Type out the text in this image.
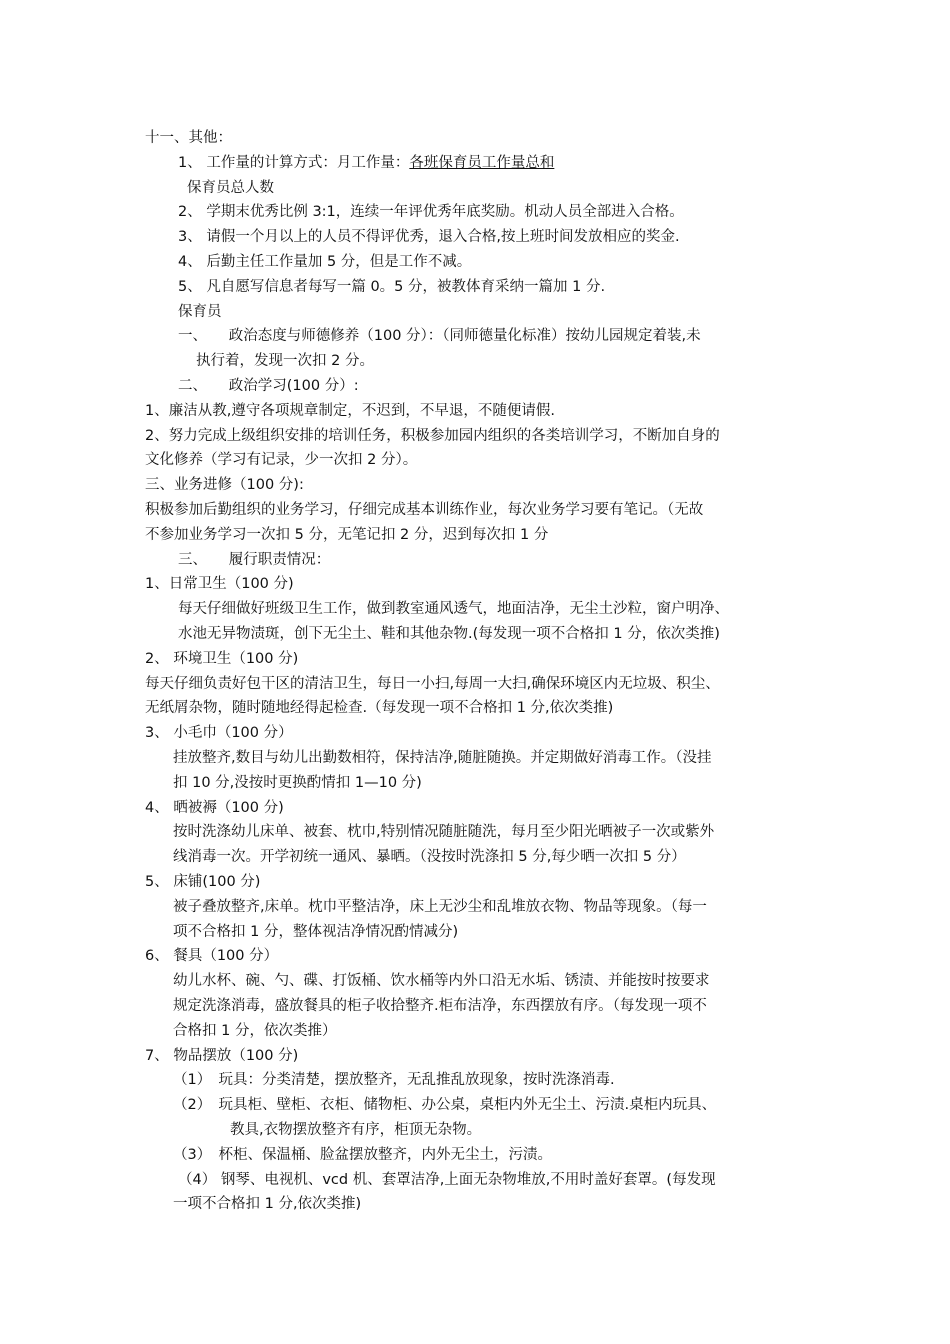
十一、其他：
1、 工作量的计算方式：月工作量：各班保育员工作量总和
保育员总人数
2、 学期末优秀比例 3:1，连续一年评优秀年底奖励。机动人员全部进入合格。
3、 请假一个月以上的人员不得评优秀，退入合格,按上班时间发放相应的奖金.
4、 后勤主任工作量加 5 分，但是工作不减。
5、 凡自愿写信息者每写一篇 0。5 分，被教体育采纳一篇加 1 分.
保育员
一、　　政治态度与师德修养（100 分）：（同师德量化标准）按幼儿园规定着装,未
执行着，发现一次扣 2 分。
二、　　政治学习(100 分）:
1、廉洁从教,遵守各项规章制定，不迟到，不早退，不随便请假.
2、努力完成上级组织安排的培训任务，积极参加园内组织的各类培训学习，不断加自身的
文化修养（学习有记录，少一次扣 2 分）。
三、业务进修（100 分):
积极参加后勤组织的业务学习，仔细完成基本训练作业，每次业务学习要有笔记。（无故
不参加业务学习一次扣 5 分，无笔记扣 2 分，迟到每次扣 1 分
三、　　履行职责情况：
1、日常卫生（100 分)
每天仔细做好班级卫生工作，做到教室通风透气，地面洁净，无尘土沙粒，窗户明净、
水池无异物渍斑，创下无尘土、鞋和其他杂物.(每发现一项不合格扣 1 分，依次类推)
2、 环境卫生（100 分)
每天仔细负责好包干区的清洁卫生，每日一小扫,每周一大扫,确保环境区内无垃圾、积尘、
无纸屑杂物，随时随地经得起检查.（每发现一项不合格扣 1 分,依次类推)
3、 小毛巾（100 分）
挂放整齐,数目与幼儿出勤数相符，保持洁净,随脏随换。并定期做好消毒工作。（没挂
扣 10 分,没按时更换酌情扣 1—10 分)
4、 晒被褥（100 分)
按时洗涤幼儿床单、被套、枕巾,特别情况随脏随洗，每月至少阳光晒被子一次或紫外
线消毒一次。开学初统一通风、暴晒。（没按时洗涤扣 5 分,每少晒一次扣 5 分）
5、 床铺(100 分)
被子叠放整齐,床单。枕巾平整洁净，床上无沙尘和乱堆放衣物、物品等现象。（每一
项不合格扣 1 分，整体视洁净情况酌情减分)
6、 餐具（100 分）
幼儿水杯、碗、勺、碟、打饭桶、饮水桶等内外口沿无水垢、锈渍、并能按时按要求
规定洗涤消毒，盛放餐具的柜子收拾整齐.柜布洁净，东西摆放有序。（每发现一项不
合格扣 1 分，依次类推）
7、 物品摆放（100 分)
（1）　玩具：分类清楚，摆放整齐，无乱推乱放现象，按时洗涤消毒.
（2）　玩具柜、壁柜、衣柜、储物柜、办公桌，桌柜内外无尘土、污渍.桌柜内玩具、
教具,衣物摆放整齐有序，柜顶无杂物。
（3）　杯柜、保温桶、脸盆摆放整齐，内外无尘土，污渍。
（4） 钢琴、电视机、vcd 机、套罩洁净,上面无杂物堆放,不用时盖好套罩。(每发现
一项不合格扣 1 分,依次类推)
